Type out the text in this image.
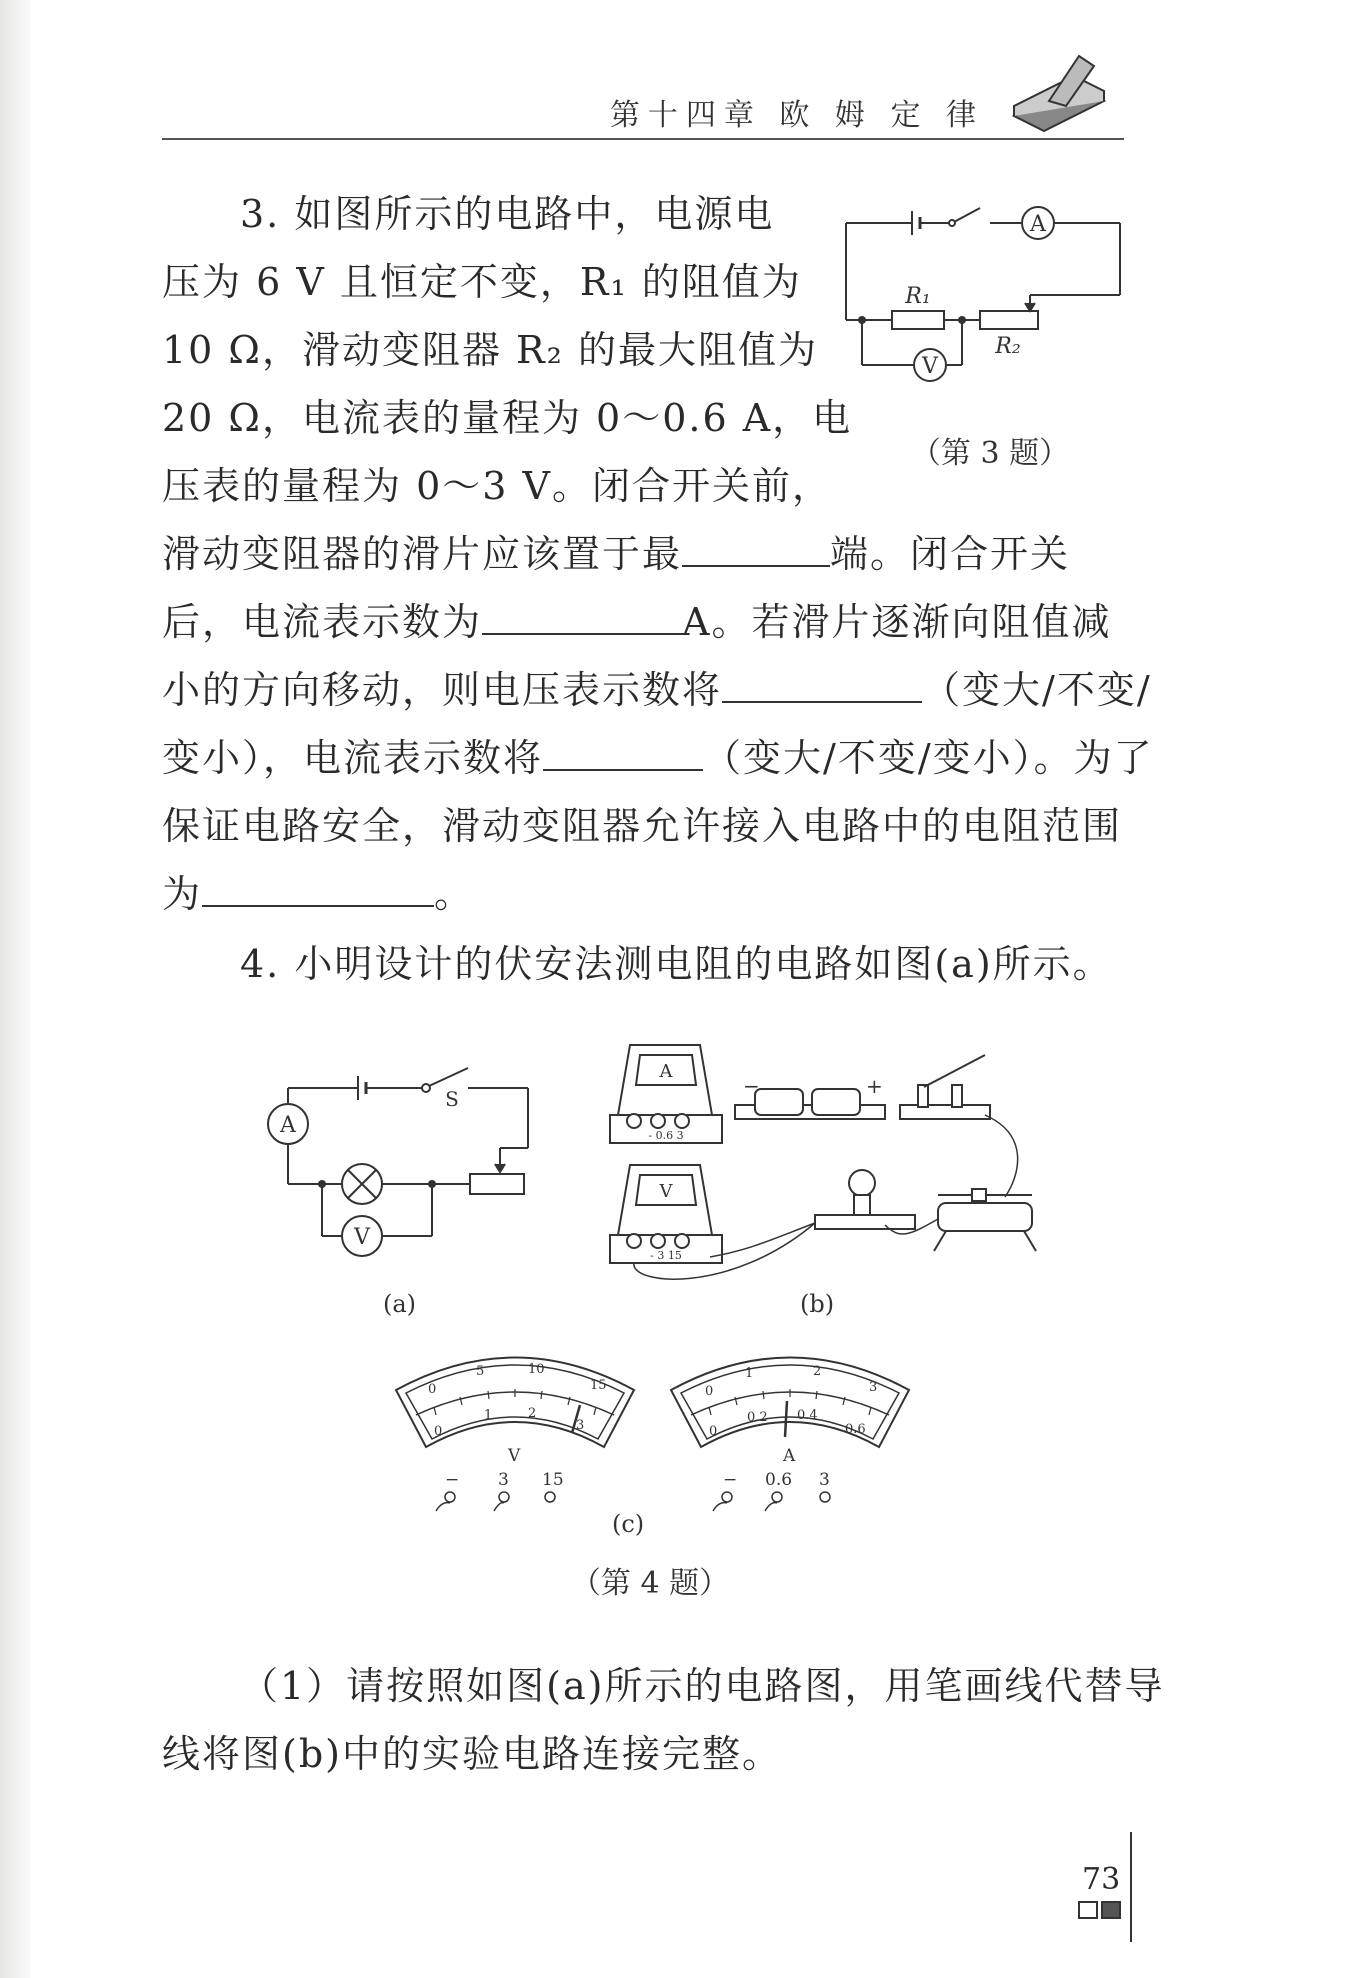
第十四章 欧 姆 定 律
3. 如图所示的电路中，电源电
压为 6 V 且恒定不变，R₁ 的阻值为
10 Ω，滑动变阻器 R₂ 的最大阻值为
20 Ω，电流表的量程为 0～0.6 A，电
压表的量程为 0～3 V。闭合开关前，
滑动变阻器的滑片应该置于最	端。闭合开关
后，电流表示数为	A。若滑片逐渐向阻值减
小的方向移动，则电压表示数将	（变大/不变/
变小），电流表示数将	（变大/不变/变小）。为了
保证电路安全，滑动变阻器允许接入电路中的电阻范围
为	。
A
V
R₁
R₂
（第 3 题）
4. 小明设计的伏安法测电阻的电路如图(a)所示。
A
V
S
(a)
A
V
- 0.6 3
- 3 15
−	+
(b)
0
5	10
15
0
1	2
3
V
− 3 15
0
1	2
3
0
0.2 0.4
0.6
A
− 0.6 3
(c)
（第 4 题）
（1）请按照如图(a)所示的电路图，用笔画线代替导
线将图(b)中的实验电路连接完整。
73
